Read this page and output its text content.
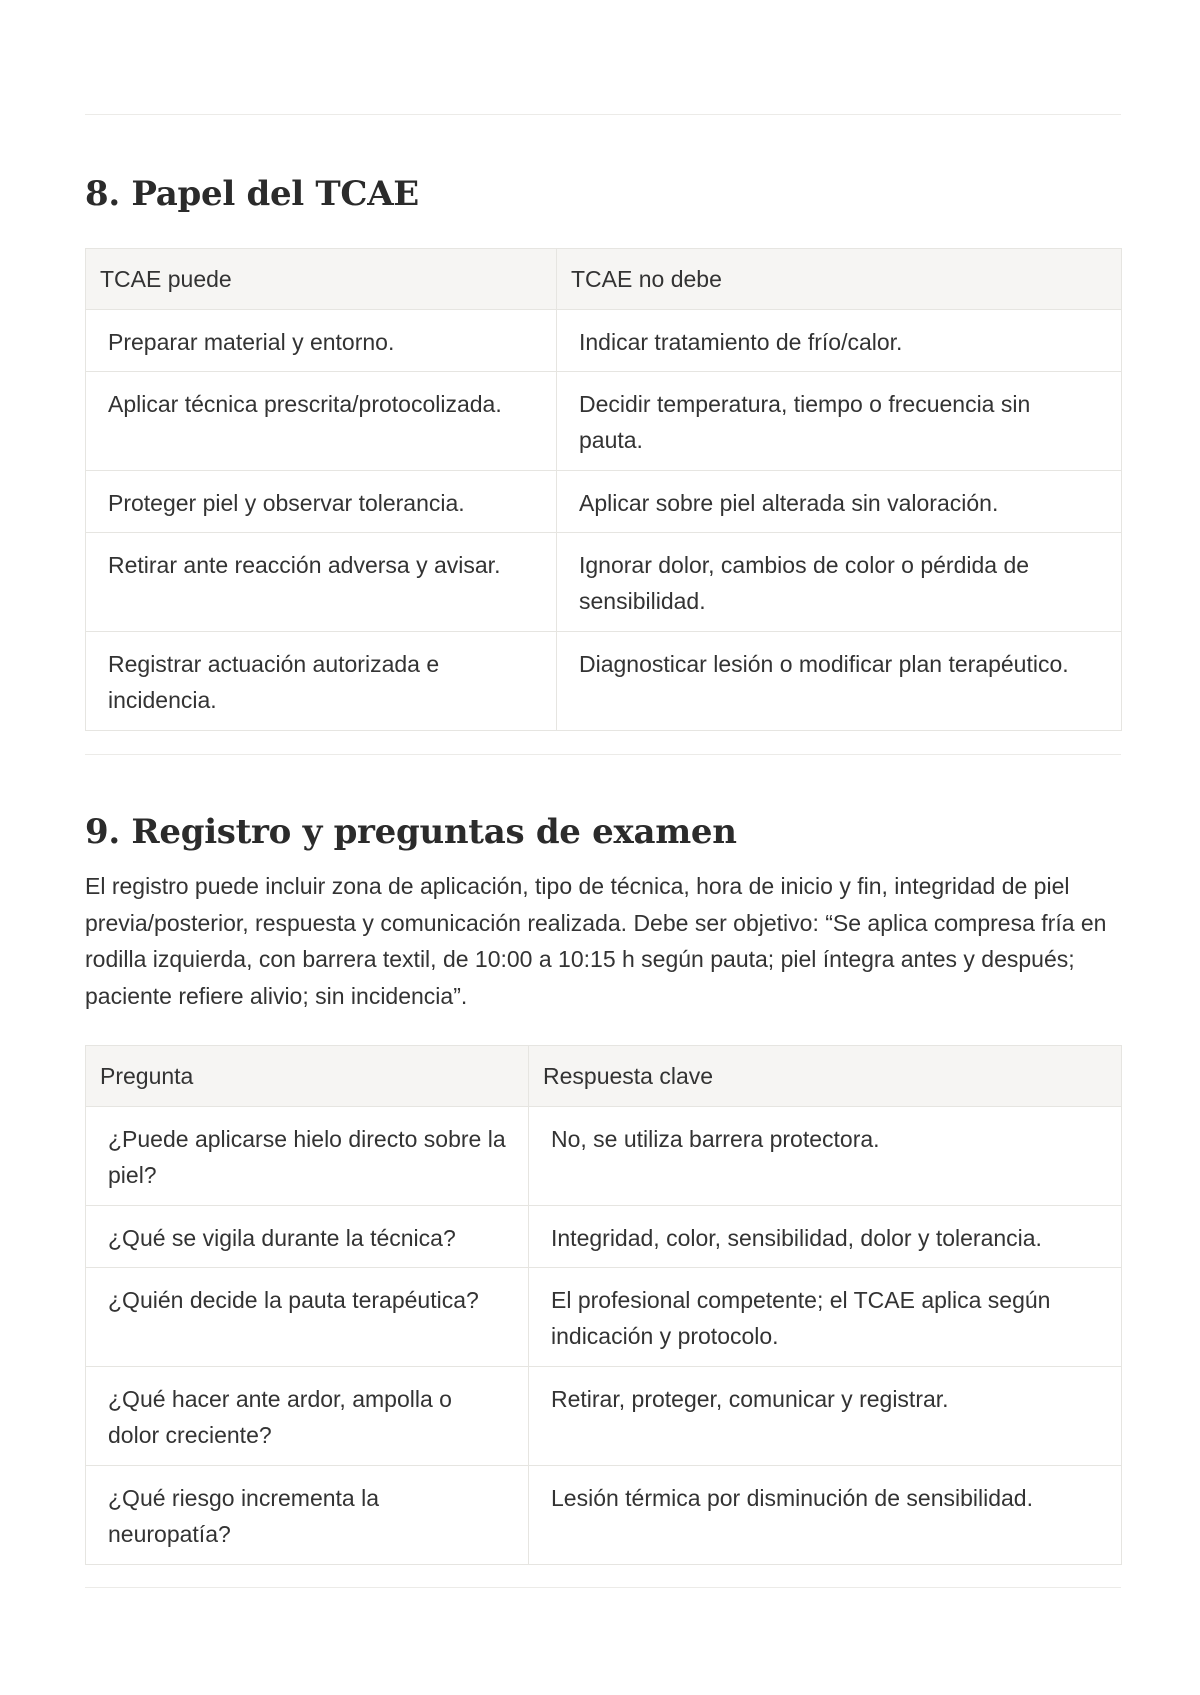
8. Papel del TCAE
TCAE puede	TCAE no debe
Preparar material y entorno.	Indicar tratamiento de frío/calor.
Aplicar técnica prescrita/protocolizada.	Decidir temperatura, tiempo o frecuencia sin pauta.
Proteger piel y observar tolerancia.	Aplicar sobre piel alterada sin valoración.
Retirar ante reacción adversa y avisar.	Ignorar dolor, cambios de color o pérdida de sensibilidad.
Registrar actuación autorizada e incidencia.	Diagnosticar lesión o modificar plan terapéutico.
9. Registro y preguntas de examen

El registro puede incluir zona de aplicación, tipo de técnica, hora de inicio y fin, integridad de piel previa/posterior, respuesta y comunicación realizada. Debe ser objetivo: “Se aplica compresa fría en rodilla izquierda, con barrera textil, de 10:00 a 10:15 h según pauta; piel íntegra antes y después; paciente refiere alivio; sin incidencia”.

Pregunta	Respuesta clave
¿Puede aplicarse hielo directo sobre la piel?	No, se utiliza barrera protectora.
¿Qué se vigila durante la técnica?	Integridad, color, sensibilidad, dolor y tolerancia.
¿Quién decide la pauta terapéutica?	El profesional competente; el TCAE aplica según indicación y protocolo.
¿Qué hacer ante ardor, ampolla o dolor creciente?	Retirar, proteger, comunicar y registrar.
¿Qué riesgo incrementa la neuropatía?	Lesión térmica por disminución de sensibilidad.
